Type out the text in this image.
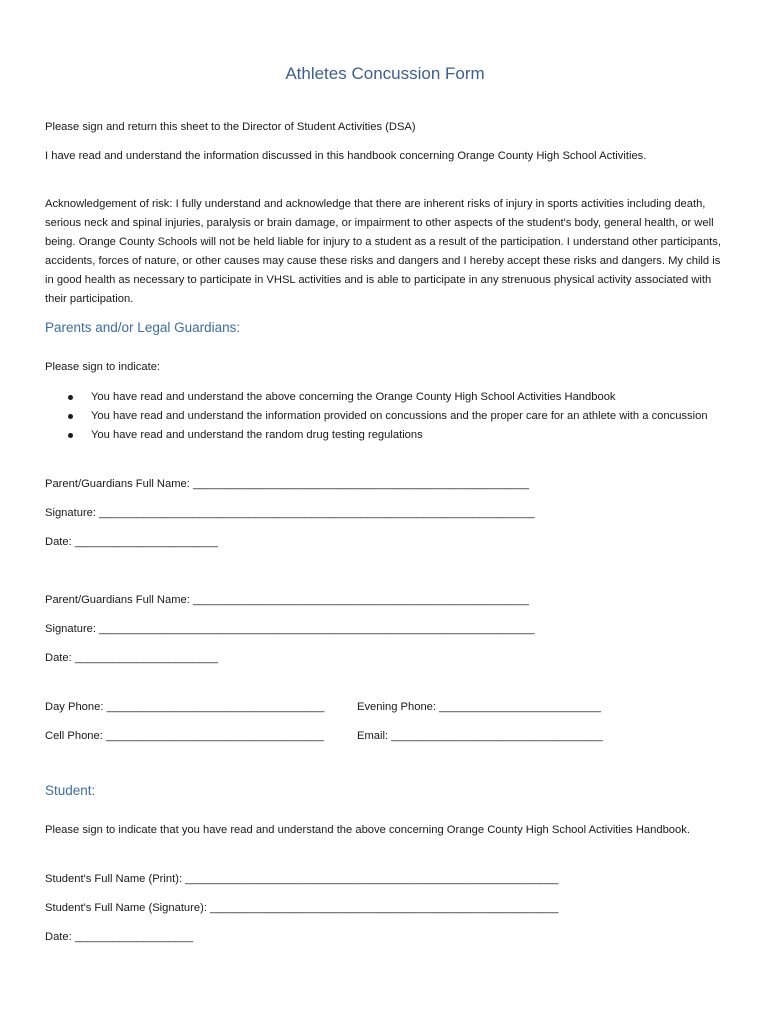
Athletes Concussion Form
Please sign and return this sheet to the Director of Student Activities (DSA)
I have read and understand the information discussed in this handbook concerning Orange County High School Activities.
Acknowledgement of risk: I fully understand and acknowledge that there are inherent risks of injury in sports activities including death, serious neck and spinal injuries, paralysis or brain damage, or impairment to other aspects of the student's body, general health, or well being. Orange County Schools will not be held liable for injury to a student as a result of the participation. I understand other participants, accidents, forces of nature, or other causes may cause these risks and dangers and I hereby accept these risks and dangers. My child is in good health as necessary to participate in VHSL activities and is able to participate in any strenuous physical activity associated with their participation.
Parents and/or Legal Guardians:
Please sign to indicate:
You have read and understand the above concerning the Orange County High School Activities Handbook
You have read and understand the information provided on concussions and the proper care for an athlete with a concussion
You have read and understand the random drug testing regulations
Parent/Guardians Full Name: ______________________________________________________
Signature: ______________________________________________________________________
Date: _______________________
Parent/Guardians Full Name: ______________________________________________________
Signature: ______________________________________________________________________
Date: _______________________
Day Phone: ___________________________________	Evening Phone: __________________________
Cell Phone: ___________________________________	Email: __________________________________
Student:
Please sign to indicate that you have read and understand the above concerning Orange County High School Activities Handbook.
Student's Full Name (Print): ____________________________________________________________
Student's Full Name (Signature): ________________________________________________________
Date: ___________________
